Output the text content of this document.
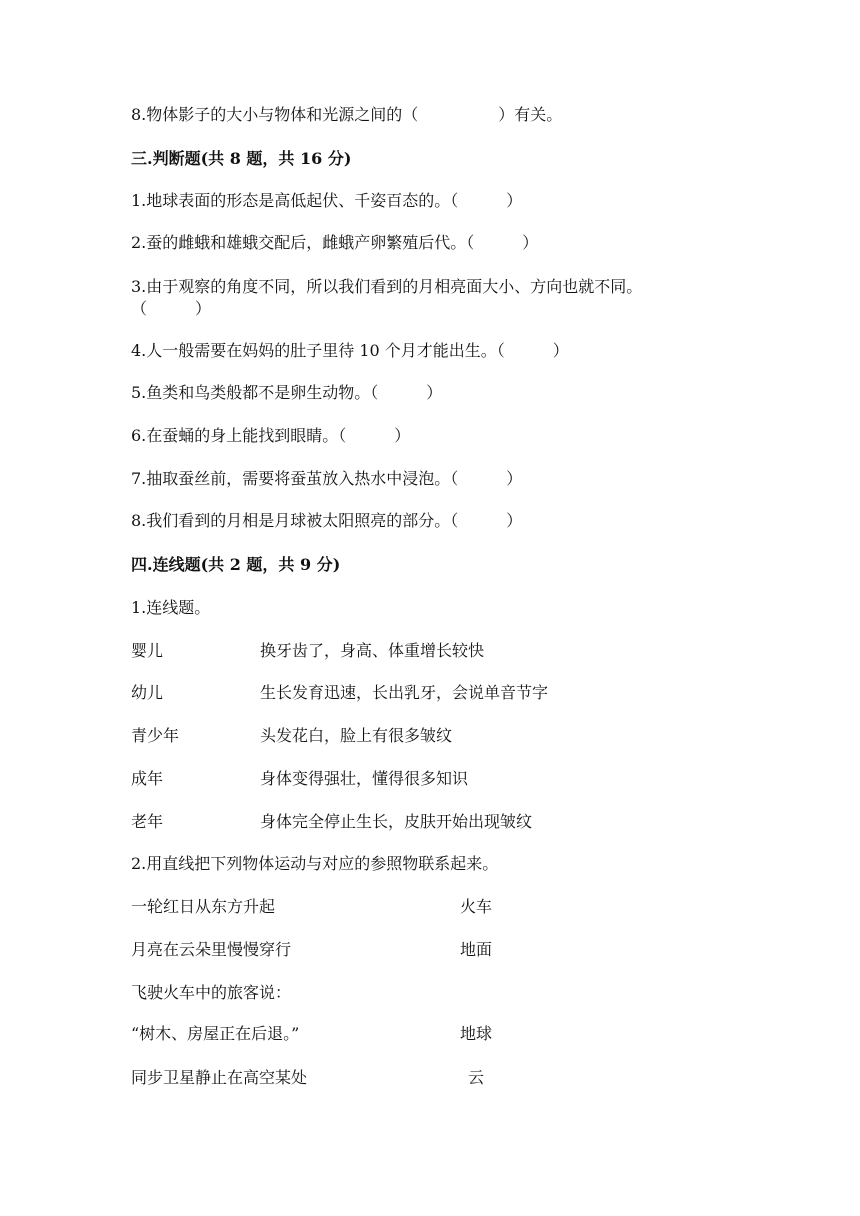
8.物体影子的大小与物体和光源之间的（　　　　　）有关。
三.判断题(共 8 题，共 16 分)
1.地球表面的形态是高低起伏、千姿百态的。（　　　）
2.蚕的雌蛾和雄蛾交配后，雌蛾产卵繁殖后代。（　　　）
3.由于观察的角度不同，所以我们看到的月相亮面大小、方向也就不同。
（　　　）
4.人一般需要在妈妈的肚子里待 10 个月才能出生。（　　　）
5.鱼类和鸟类般都不是卵生动物。（　　　）
6.在蚕蛹的身上能找到眼睛。（　　　）
7.抽取蚕丝前，需要将蚕茧放入热水中浸泡。（　　　）
8.我们看到的月相是月球被太阳照亮的部分。（　　　）
四.连线题(共 2 题，共 9 分)
1.连线题。
婴儿	换牙齿了，身高、体重增长较快
幼儿	生长发育迅速，长出乳牙，会说单音节字
青少年	头发花白，脸上有很多皱纹
成年	身体变得强壮，懂得很多知识
老年	身体完全停止生长，皮肤开始出现皱纹
2.用直线把下列物体运动与对应的参照物联系起来。
一轮红日从东方升起	火车
月亮在云朵里慢慢穿行	地面
飞驶火车中的旅客说：
“树木、房屋正在后退。”	地球
同步卫星静止在高空某处	云
